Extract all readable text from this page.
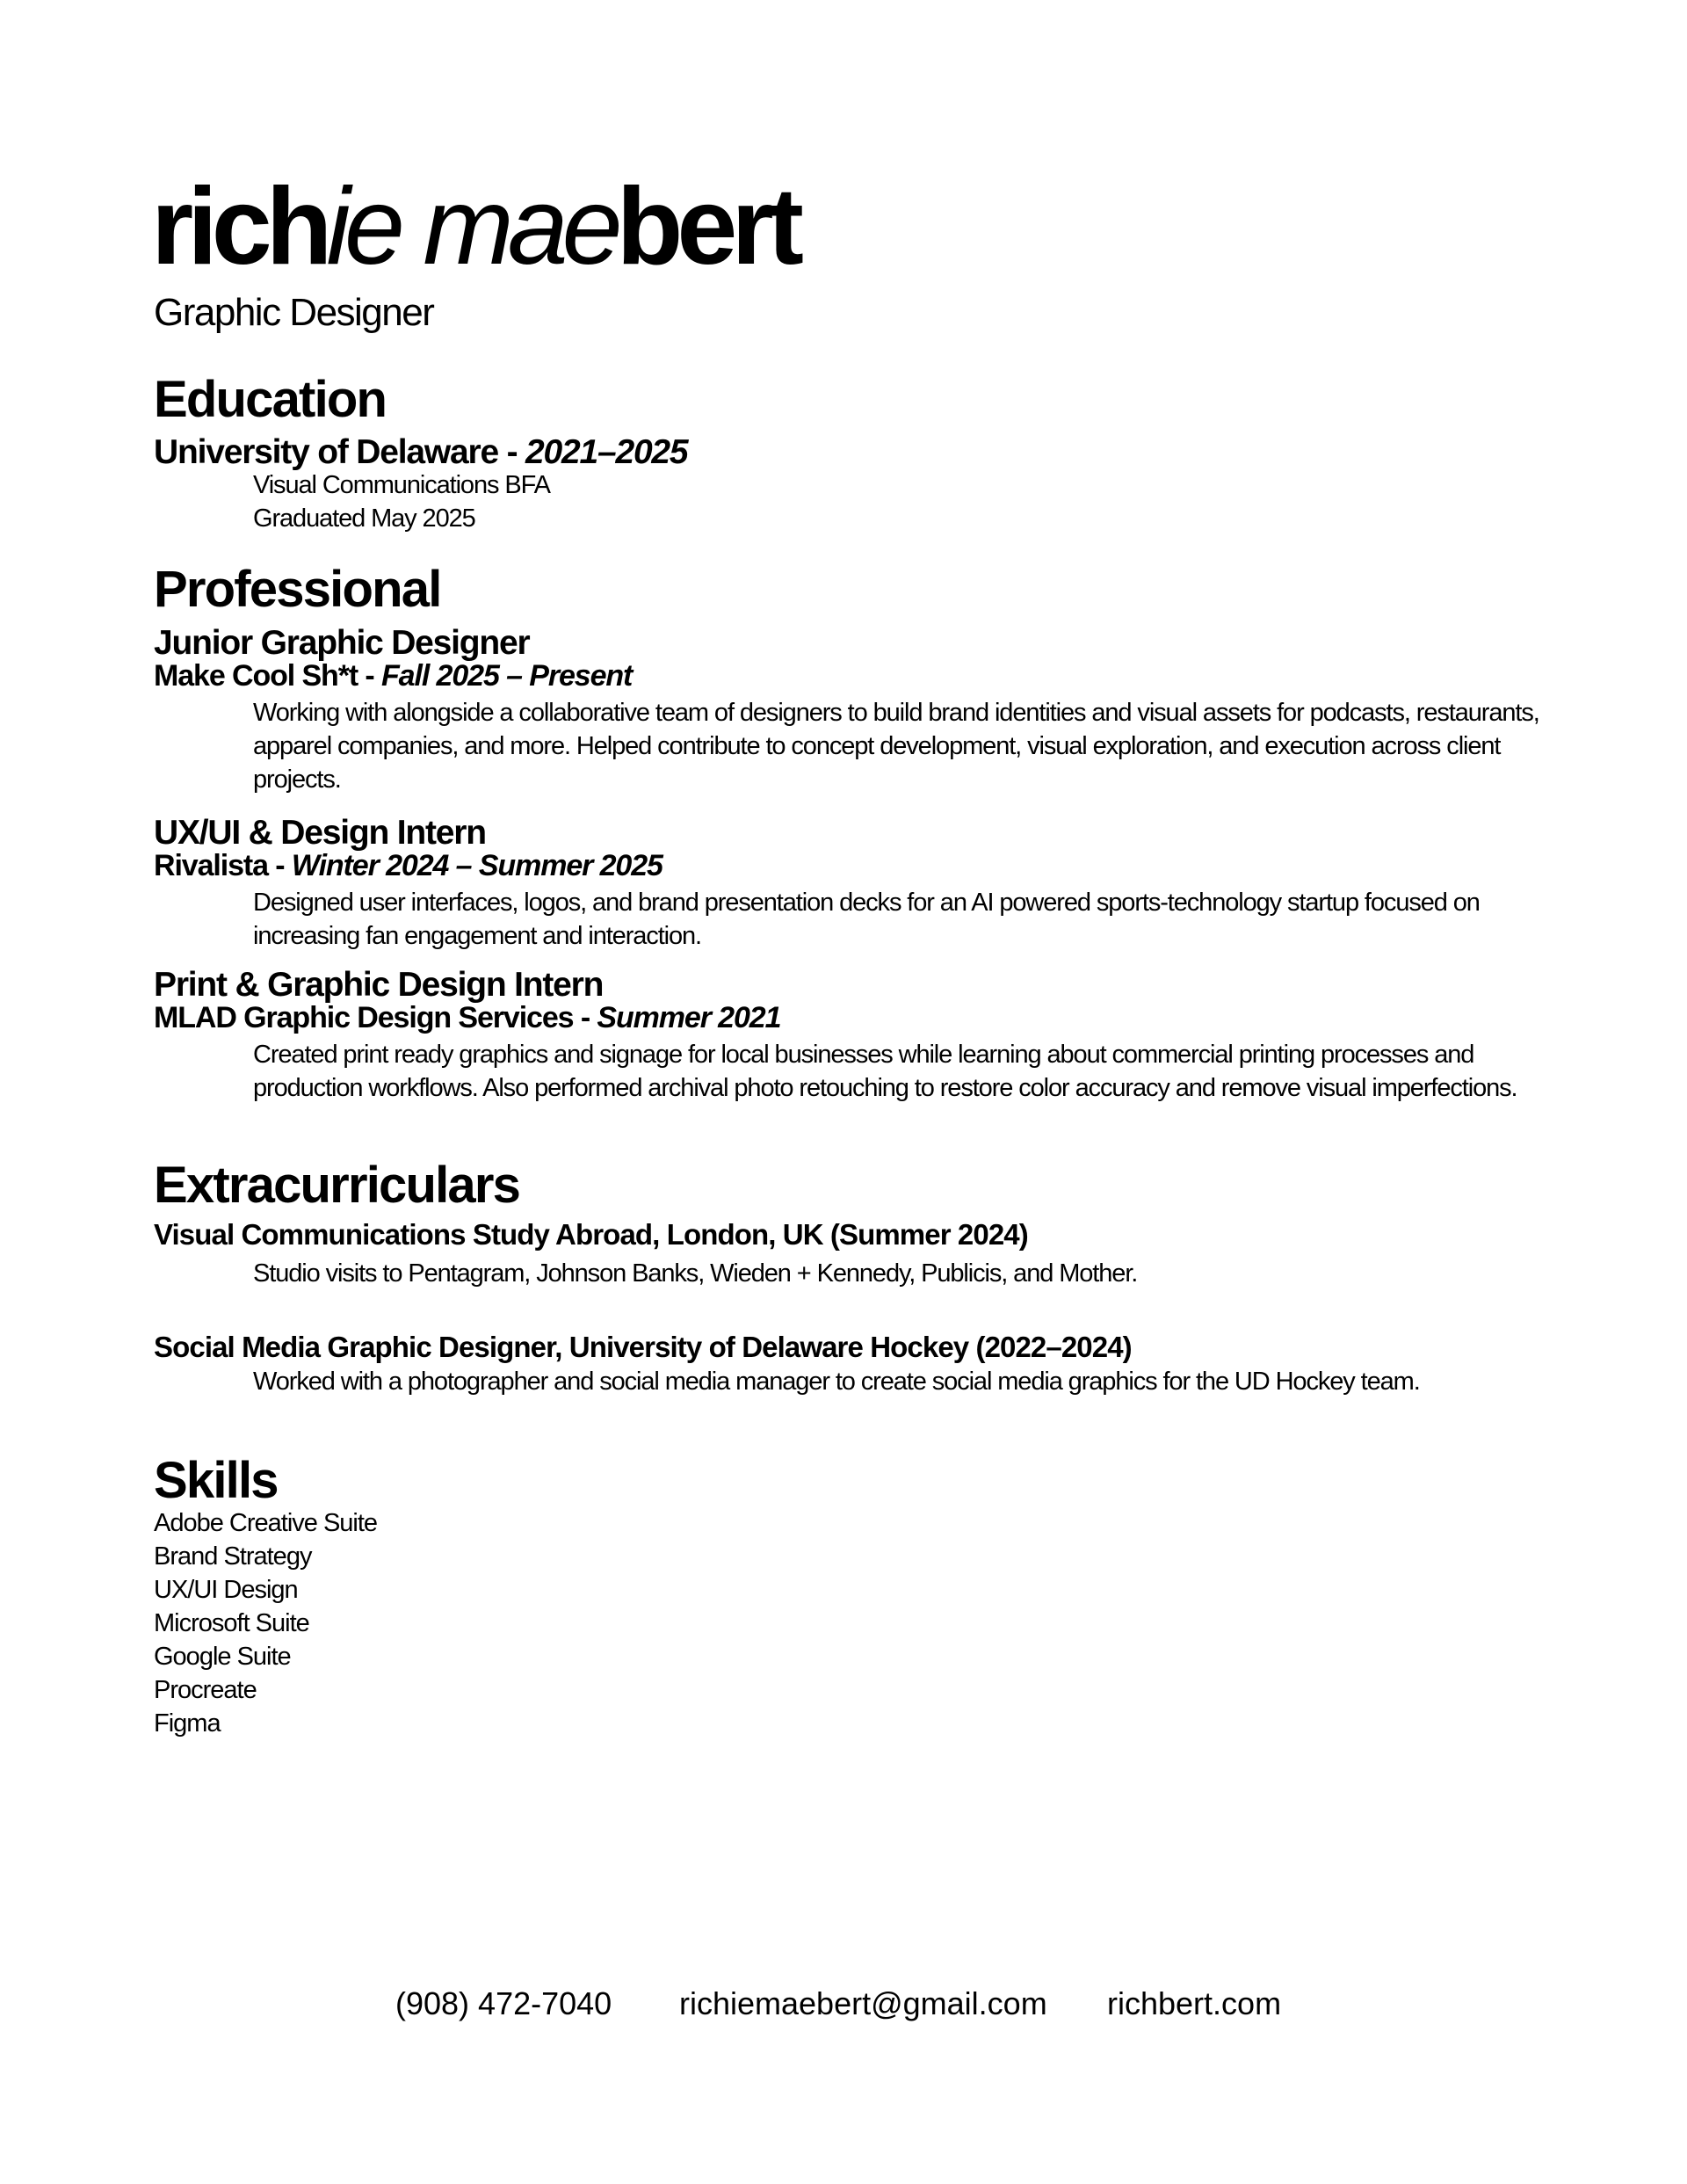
richie maebert
Graphic Designer
Education
University of Delaware - 2021–2025
Visual Communications BFA
Graduated May 2025
Professional
Junior Graphic Designer
Make Cool Sh*t - Fall 2025 – Present
Working with alongside a collaborative team of designers to build brand identities and visual assets for podcasts, restaurants, apparel companies, and more. Helped contribute to concept development, visual exploration, and execution across client projects.
UX/UI & Design Intern
Rivalista - Winter 2024 – Summer 2025
Designed user interfaces, logos, and brand presentation decks for an AI powered sports-technology startup focused on increasing fan engagement and interaction.
Print & Graphic Design Intern
MLAD Graphic Design Services - Summer 2021
Created print ready graphics and signage for local businesses while learning about commercial printing processes and production workflows. Also performed archival photo retouching to restore color accuracy and remove visual imperfections.
Extracurriculars
Visual Communications Study Abroad, London, UK (Summer 2024)
Studio visits to Pentagram, Johnson Banks, Wieden + Kennedy, Publicis, and Mother.
Social Media Graphic Designer, University of Delaware Hockey (2022–2024)
Worked with a photographer and social media manager to create social media graphics for the UD Hockey team.
Skills
Adobe Creative Suite
Brand Strategy
UX/UI Design
Microsoft Suite
Google Suite
Procreate
Figma
(908) 472-7040 richiemaebert@gmail.com richbert.com
